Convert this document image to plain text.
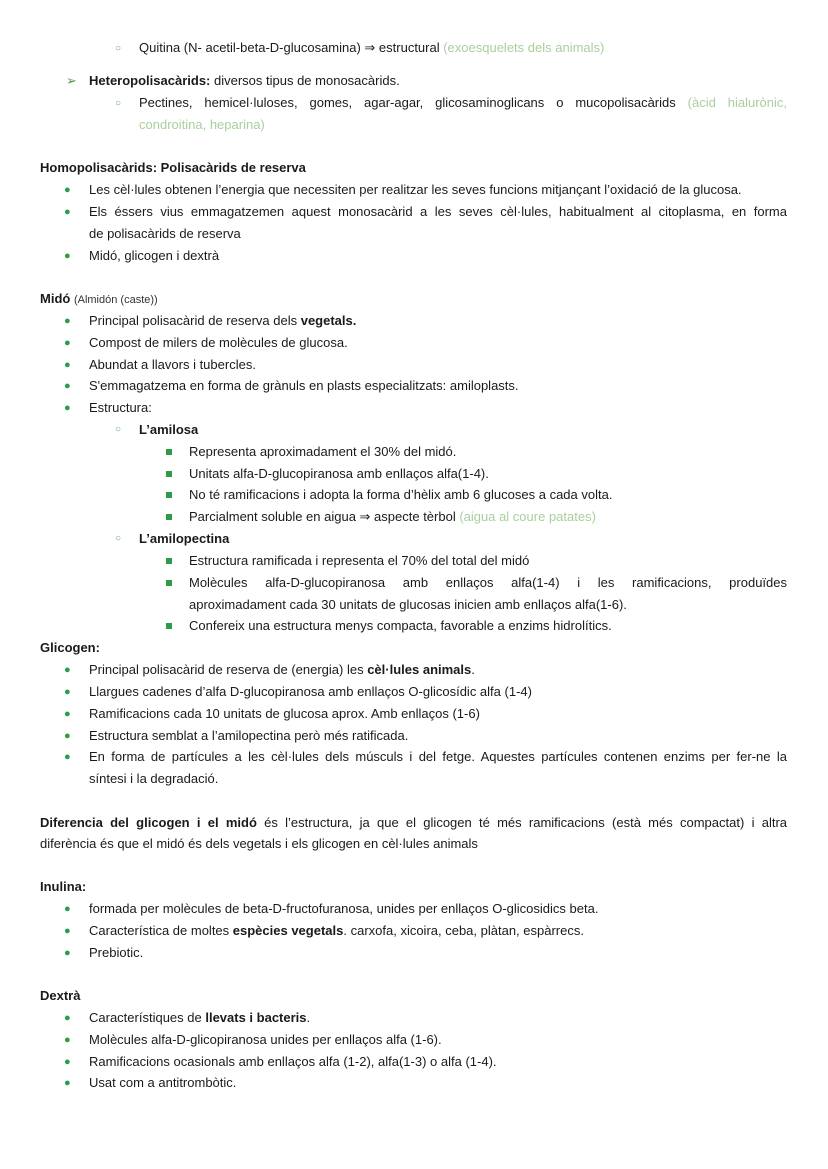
○ Quitina (N- acetil-beta-D-glucosamina) ⇒ estructural (exoesquelets dels animals)
➢ Heteropolisacàrids: diversos tipus de monosacàrids.
○ Pectines, hemicel·luloses, gomes, agar-agar, glicosaminoglicans o mucopolisacàrids (àcid hialurònic,
condroitina, heparina)
Homopolisacàrids: Polisacàrids de reserva
● Les cèl·lules obtenen l’energia que necessiten per realitzar les seves funcions mitjançant l’oxidació de la glucosa.
● Els éssers vius emmagatzemen aquest monosacàrid a les seves cèl·lules, habitualment al citoplasma, en forma
de polisacàrids de reserva
● Midó, glicogen i dextrà
Midó (Almidón (caste))
● Principal polisacàrid de reserva dels vegetals.
● Compost de milers de molècules de glucosa.
● Abundat a llavors i tubercles.
● S'emmagatzema en forma de grànuls en plasts especialitzats: amiloplasts.
● Estructura:
○ L’amilosa
Representa aproximadament el 30% del midó.
Unitats alfa-D-glucopiranosa amb enllaços alfa(1-4).
No té ramificacions i adopta la forma d’hèlix amb 6 glucoses a cada volta.
Parcialment soluble en aigua ⇒ aspecte tèrbol (aigua al coure patates)
○ L’amilopectina
Estructura ramificada i representa el 70% del total del midó
Molècules alfa-D-glucopiranosa amb enllaços alfa(1-4) i les ramificacions, produïdes
aproximadament cada 30 unitats de glucosas inicien amb enllaços alfa(1-6).
Confereix una estructura menys compacta, favorable a enzims hidrolítics.
Glicogen:
● Principal polisacàrid de reserva de (energia) les cèl·lules animals.
● Llargues cadenes d’alfa D-glucopiranosa amb enllaços O-glicosídic alfa (1-4)
● Ramificacions cada 10 unitats de glucosa aprox. Amb enllaços (1-6)
● Estructura semblat a l’amilopectina però més ratificada.
● En forma de partícules a les cèl·lules dels músculs i del fetge. Aquestes partícules contenen enzims per fer-ne la
síntesi i la degradació.
Diferencia del glicogen i el midó és l’estructura, ja que el glicogen té més ramificacions (està més compactat) i altra
diferència és que el midó és dels vegetals i els glicogen en cèl·lules animals
Inulina:
● formada per molècules de beta-D-fructofuranosa, unides per enllaços O-glicosidics beta.
● Característica de moltes espècies vegetals. carxofa, xicoira, ceba, plàtan, espàrrecs.
● Prebiotic.
Dextrà
● Característiques de llevats i bacteris.
● Molècules alfa-D-glicopiranosa unides per enllaços alfa (1-6).
● Ramificacions ocasionals amb enllaços alfa (1-2), alfa(1-3) o alfa (1-4).
● Usat com a antitrombòtic.
